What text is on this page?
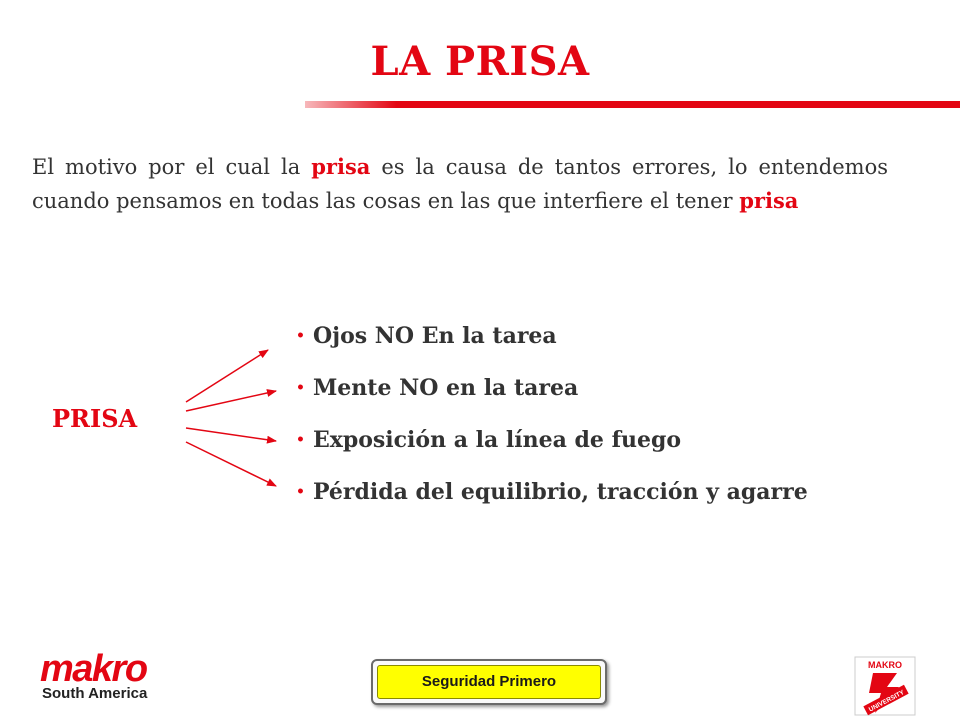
LA PRISA

El motivo por el cual la prisa es la causa de tantos errores, lo entendemos cuando pensamos en todas las cosas en las que interfiere el tener prisa

PRISA
• Ojos NO En la tarea
• Mente NO en la tarea
• Exposición a la línea de fuego
• Pérdida del equilibrio, tracción y agarre
makro
South America
Seguridad Primero
MAKRO
UNIVERSITY
